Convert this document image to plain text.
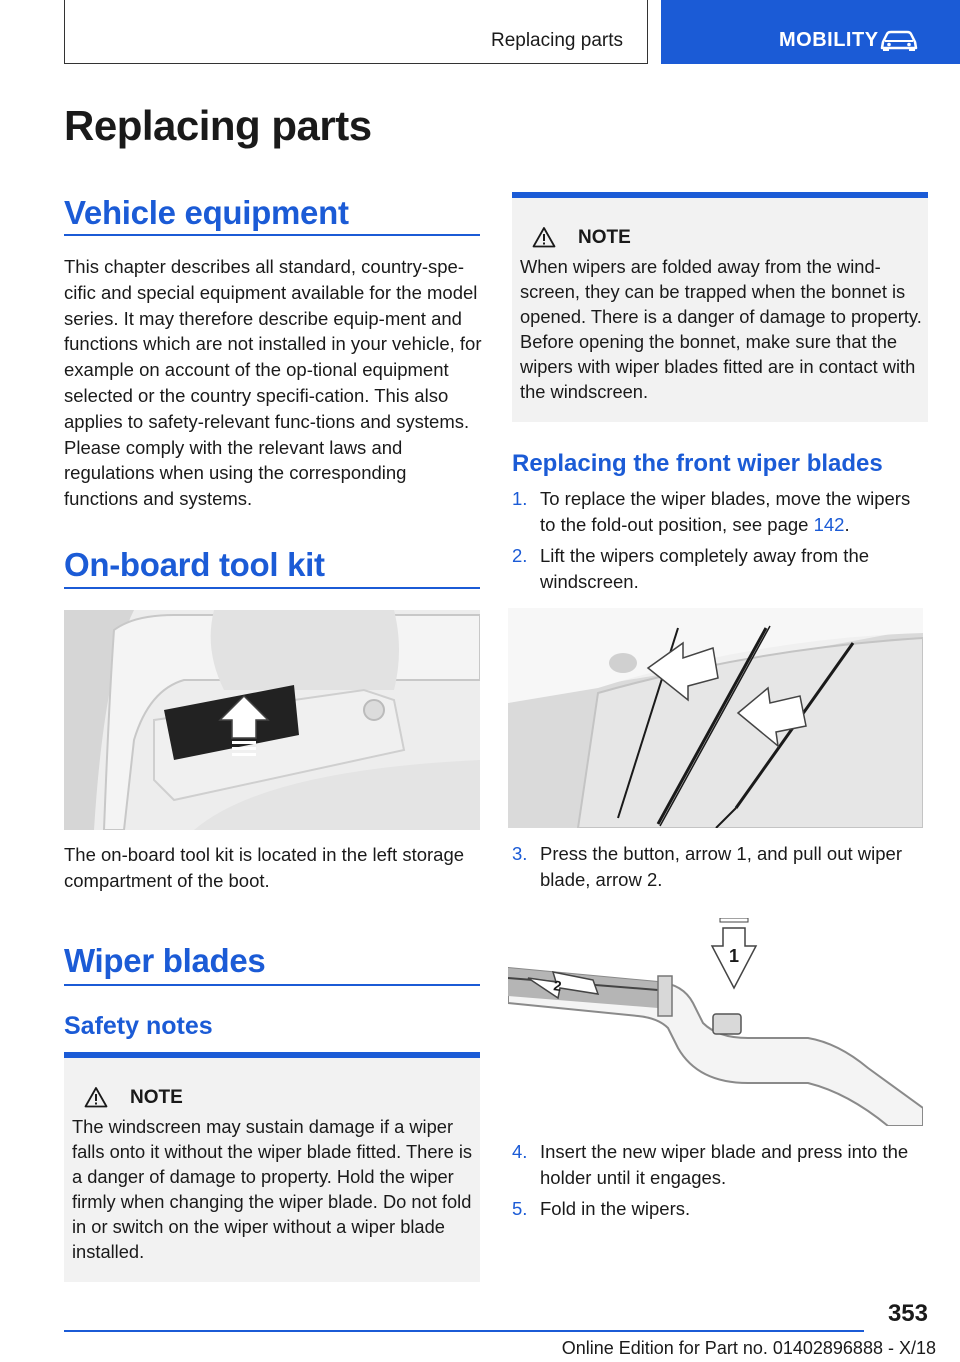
Replacing parts	MOBILITY
Replacing parts
Vehicle equipment
This chapter describes all standard, country-spe-cific and special equipment available for the model series. It may therefore describe equip-ment and functions which are not installed in your vehicle, for example on account of the op-tional equipment selected or the country specifi-cation. This also applies to safety-relevant func-tions and systems. Please comply with the relevant laws and regulations when using the corresponding functions and systems.
On-board tool kit
The on-board tool kit is located in the left storage compartment of the boot.
Wiper blades
Safety notes
NOTE
The windscreen may sustain damage if a wiper falls onto it without the wiper blade fitted. There is a danger of damage to property. Hold the wiper firmly when changing the wiper blade. Do not fold in or switch on the wiper without a wiper blade installed.
NOTE
When wipers are folded away from the wind-screen, they can be trapped when the bonnet is opened. There is a danger of damage to property. Before opening the bonnet, make sure that the wipers with wiper blades fitted are in contact with the windscreen.
Replacing the front wiper blades
1. To replace the wiper blades, move the wipers to the fold-out position, see page 142.
2. Lift the wipers completely away from the windscreen.
3. Press the button, arrow 1, and pull out wiper blade, arrow 2.
1
2
4. Insert the new wiper blade and press into the holder until it engages.
5. Fold in the wipers.
353
Online Edition for Part no. 01402896888 - X/18
